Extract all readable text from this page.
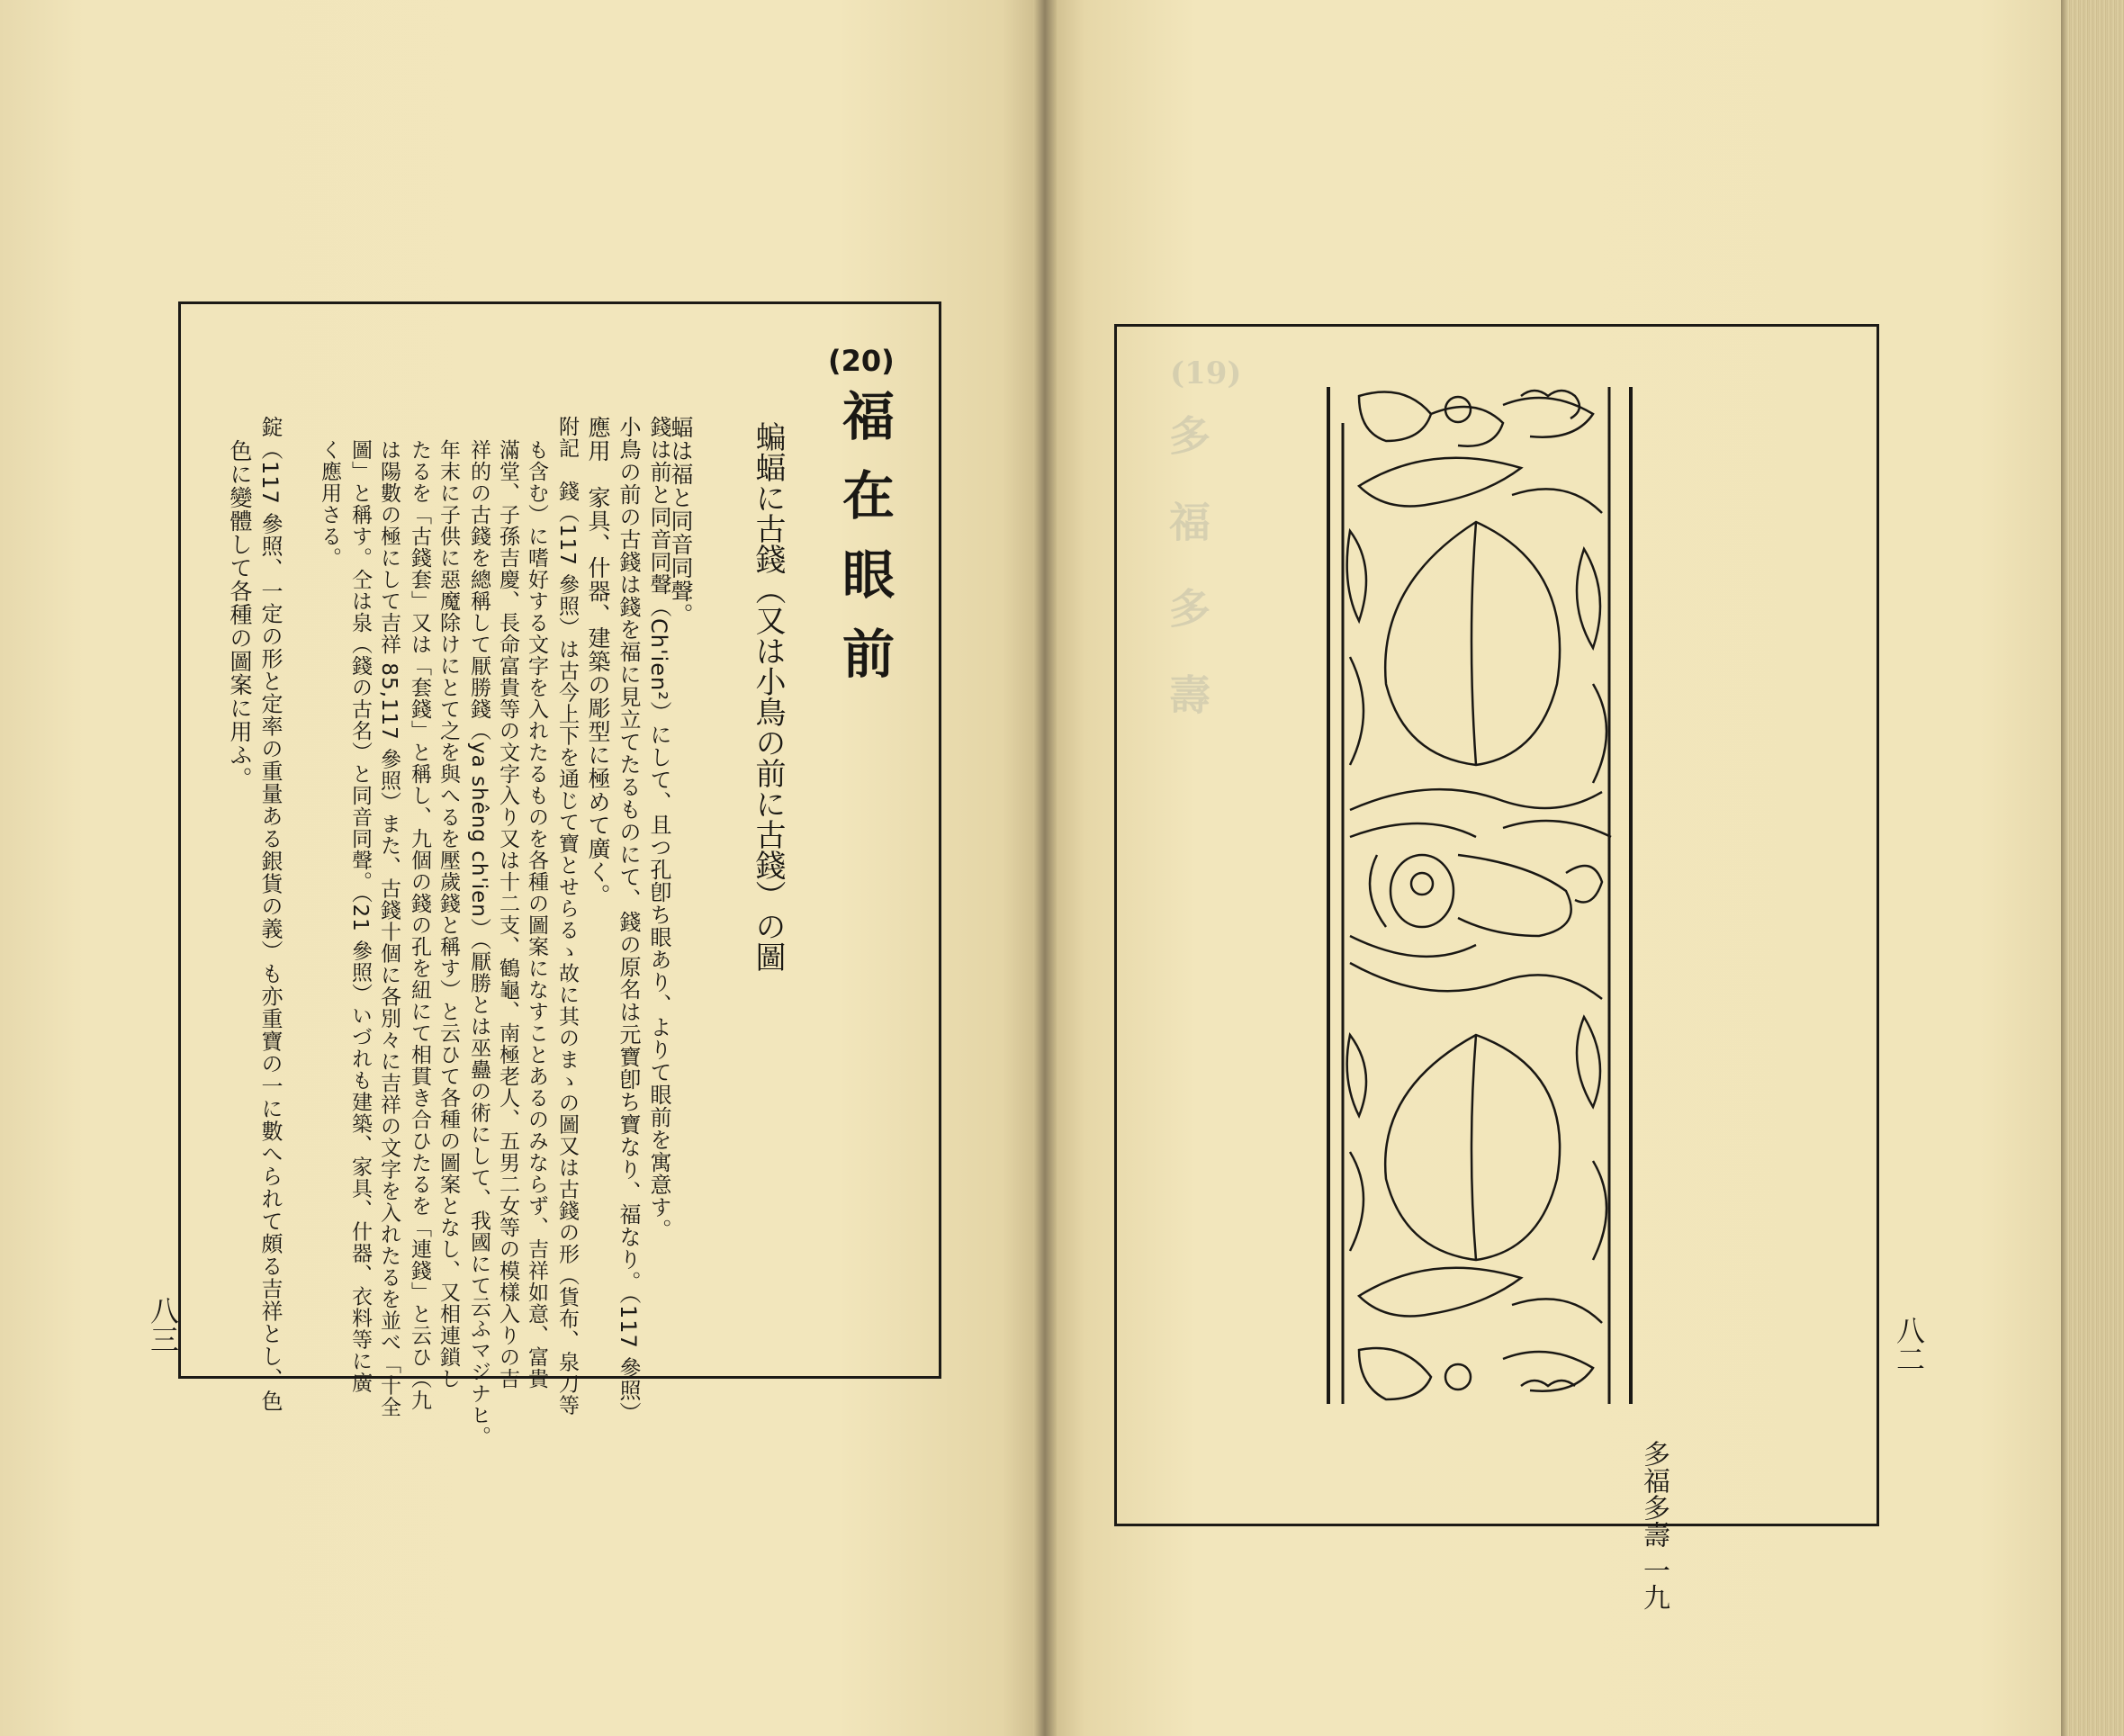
(20)
福在眼前
蝙蝠に古錢（又は小鳥の前に古錢）の圖
蝠は福と同音同聲。
錢は前と同音同聲（Ch'ien²）にして、且つ孔卽ち眼あり、よりて眼前を寓意す。
小鳥の前の古錢は錢を福に見立てたるものにて、錢の原名は元寶卽ち寶なり、福なり。（117 參照）
應用　家具、什器、建築の彫型に極めて廣く。
附記　錢（117 參照）は古今上下を通じて寶とせらるゝ故に其のまゝの圖又は古錢の形（貨布、泉刀等
も含む）に嗜好する文字を入れたるものを各種の圖案になすことあるのみならず、吉祥如意、富貴
滿堂、子孫吉慶、長命富貴等の文字入り又は十二支、鶴龜、南極老人、五男二女等の模樣入りの吉
祥的の古錢を總稱して厭勝錢（ya shêng ch'ien）（厭勝とは巫蠱の術にして、我國にて云ふマジナヒ。
年末に子供に惡魔除けにとて之を與へるを壓歲錢と稱す）と云ひて各種の圖案となし、又相連鎖し
たるを「古錢套」又は「套錢」と稱し、九個の錢の孔を紐にて相貫き合ひたるを「連錢」と云ひ（九
は陽數の極にして吉祥 85,117 參照）また、古錢十個に各別々に吉祥の文字を入れたるを並べ「十全
圖」と稱す。仝は泉（錢の古名）と同音同聲。（21 參照）いづれも建築、家具、什器、衣料等に廣
く應用さる。
錠（117 參照、一定の形と定率の重量ある銀貨の義）も亦重寶の一に數へられて頗る吉祥とし、色
色に變體して各種の圖案に用ふ。
八三
(19)
多福多壽
多福多壽 一九
八二
